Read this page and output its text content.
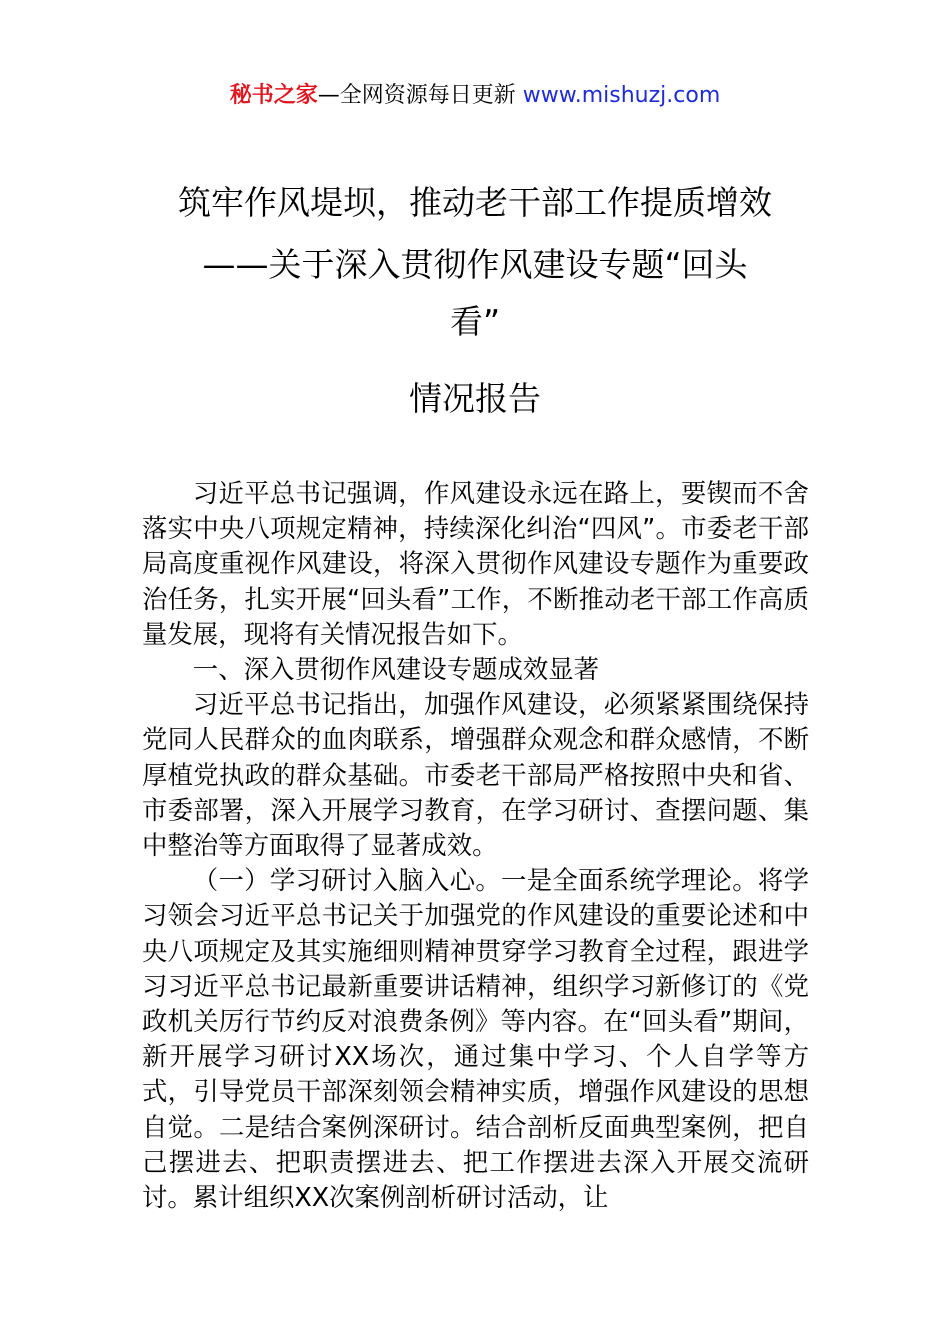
秘书之家—全网资源每日更新 www.mishuzj.com
筑牢作风堤坝，推动老干部工作提质增效
——关于深入贯彻作风建设专题“回头
看”
情况报告

习近平总书记强调，作风建设永远在路上，要锲而不舍落实中央八项规定精神，持续深化纠治“四风”。市委老干部局高度重视作风建设，将深入贯彻作风建设专题作为重要政治任务，扎实开展“回头看”工作，不断推动老干部工作高质量发展，现将有关情况报告如下。

一、深入贯彻作风建设专题成效显著

习近平总书记指出，加强作风建设，必须紧紧围绕保持党同人民群众的血肉联系，增强群众观念和群众感情，不断厚植党执政的群众基础。市委老干部局严格按照中央和省、市委部署，深入开展学习教育，在学习研讨、查摆问题、集中整治等方面取得了显著成效。

（一）学习研讨入脑入心。一是全面系统学理论。将学习领会习近平总书记关于加强党的作风建设的重要论述和中央八项规定及其实施细则精神贯穿学习教育全过程，跟进学习习近平总书记最新重要讲话精神，组织学习新修订的《党政机关厉行节约反对浪费条例》等内容。在“回头看”期间，新开展学习研讨XX场次，通过集中学习、个人自学等方式，引导党员干部深刻领会精神实质，增强作风建设的思想自觉。二是结合案例深研讨。结合剖析反面典型案例，把自己摆进去、把职责摆进去、把工作摆进去深入开展交流研讨。累计组织XX次案例剖析研讨活动，让
